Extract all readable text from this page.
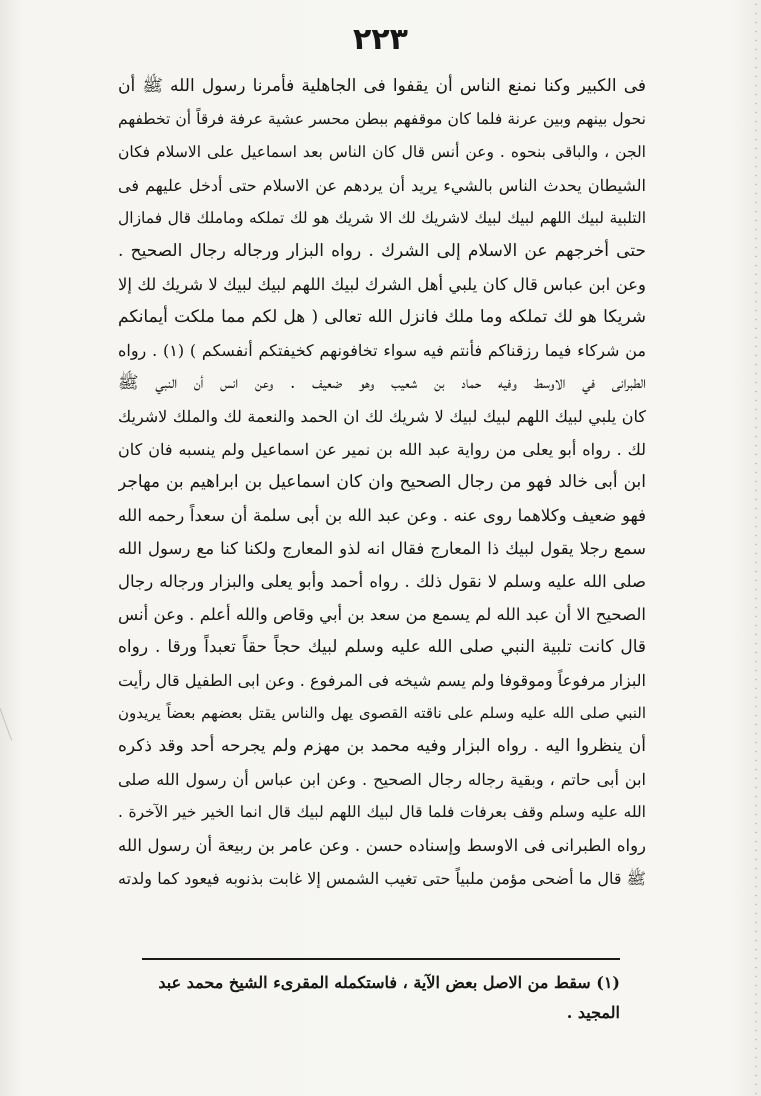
٢٢٣
فى الكبير وكنا نمنع الناس أن يقفوا فى الجاهلية فأمرنا رسول الله ﷺ أن
نحول بينهم وبين عرنة فلما كان موقفهم ببطن محسر عشية عرفة فرقاً أن تخطفهم
الجن ، والباقى بنحوه . وعن أنس قال كان الناس بعد اسماعيل على الاسلام فكان
الشيطان يحدث الناس بالشيء يريد أن يردهم عن الاسلام حتى أدخل عليهم فى
التلبية لبيك اللهم لبيك لبيك لاشريك لك الا شريك هو لك تملكه وماملك قال فمازال
حتى أخرجهم عن الاسلام إلى الشرك . رواه البزار ورجاله رجال الصحيح .
وعن ابن عباس قال كان يلبي أهل الشرك لبيك اللهم لبيك لبيك لا شريك لك إلا
شريكا هو لك تملكه وما ملك فانزل الله تعالى ( هل لكم مما ملكت أيمانكم
من شركاء فيما رزقناكم فأنتم فيه سواء تخافونهم كخيفتكم أنفسكم ) (١) . رواه
الطبرانى في الاوسط وفيه حماد بن شعيب وهو ضعيف . وعن انس أن النبي ﷺ
كان يلبي لبيك اللهم لبيك لبيك لا شريك لك ان الحمد والنعمة لك والملك لاشريك
لك . رواه أبو يعلى من رواية عبد الله بن نمير عن اسماعيل ولم ينسبه فان كان
ابن أبى خالد فهو من رجال الصحيح وان كان اسماعيل بن ابراهيم بن مهاجر
فهو ضعيف وكلاهما روى عنه . وعن عبد الله بن أبى سلمة أن سعداً رحمه الله
سمع رجلا يقول لبيك ذا المعارج فقال انه لذو المعارج ولكنا كنا مع رسول الله
صلى الله عليه وسلم لا نقول ذلك . رواه أحمد وأبو يعلى والبزار ورجاله رجال
الصحيح الا أن عبد الله لم يسمع من سعد بن أبي وقاص والله أعلم . وعن أنس
قال كانت تلبية النبي صلى الله عليه وسلم لبيك حجاً حقاً تعبداً ورقا . رواه
البزار مرفوعاً وموقوفا ولم يسم شيخه فى المرفوع . وعن ابى الطفيل قال رأيت
النبي صلى الله عليه وسلم على ناقته القصوى يهل والناس يقتل بعضهم بعضاً يريدون
أن ينظروا اليه . رواه البزار وفيه محمد بن مهزم ولم يجرحه أحد وقد ذكره
ابن أبى حاتم ، وبقية رجاله رجال الصحيح . وعن ابن عباس أن رسول الله صلى
الله عليه وسلم وقف بعرفات فلما قال لبيك اللهم لبيك قال انما الخير خير الآخرة .
رواه الطبرانى فى الاوسط وإسناده حسن . وعن عامر بن ربيعة أن رسول الله
ﷺ قال ما أضحى مؤمن ملبياً حتى تغيب الشمس إلا غابت بذنوبه فيعود كما ولدته
(١) سقط من الاصل بعض الآية ، فاستكمله المقرىء الشيخ محمد عبد المجيد .
